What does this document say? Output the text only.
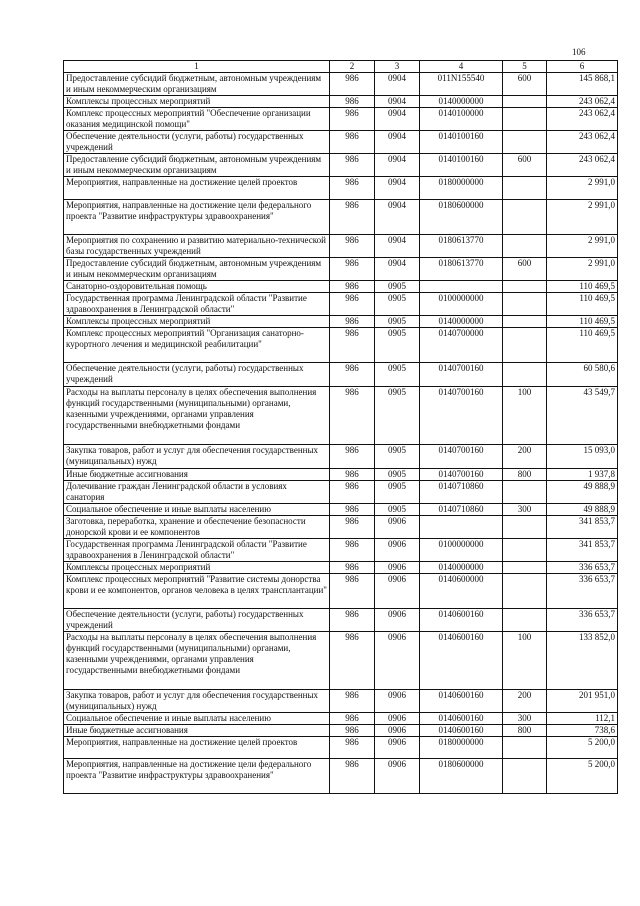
106
1	2	3	4	5	6
Предоставление субсидий бюджетным, автономным учреждениям и иным некоммерческим организациям	986	0904	011N155540	600	145 868,1
Комплексы процессных мероприятий	986	0904	0140000000		243 062,4
Комплекс процессных мероприятий "Обеспечение организации оказания медицинской помощи"	986	0904	0140100000		243 062,4
Обеспечение деятельности (услуги, работы) государственных учреждений	986	0904	0140100160		243 062,4
Предоставление субсидий бюджетным, автономным учреждениям и иным некоммерческим организациям	986	0904	0140100160	600	243 062,4
Мероприятия, направленные на достижение целей проектов	986	0904	0180000000		2 991,0
Мероприятия, направленные на достижение цели федерального проекта "Развитие инфраструктуры здравоохранения"	986	0904	0180600000		2 991,0
Мероприятия по сохранению и развитию материально-технической базы государственных учреждений	986	0904	0180613770		2 991,0
Предоставление субсидий бюджетным, автономным учреждениям и иным некоммерческим организациям	986	0904	0180613770	600	2 991,0
Санаторно-оздоровительная помощь	986	0905			110 469,5
Государственная программа Ленинградской области "Развитие здравоохранения в Ленинградской области"	986	0905	0100000000		110 469,5
Комплексы процессных мероприятий	986	0905	0140000000		110 469,5
Комплекс процессных мероприятий "Организация санаторно-курортного лечения и медицинской реабилитации"	986	0905	0140700000		110 469,5
Обеспечение деятельности (услуги, работы) государственных учреждений	986	0905	0140700160		60 580,6
Расходы на выплаты персоналу в целях обеспечения выполнения функций государственными (муниципальными) органами, казенными учреждениями, органами управления государственными внебюджетными фондами	986	0905	0140700160	100	43 549,7
Закупка товаров, работ и услуг для обеспечения государственных (муниципальных) нужд	986	0905	0140700160	200	15 093,0
Иные бюджетные ассигнования	986	0905	0140700160	800	1 937,8
Долечивание граждан Ленинградской области в условиях санатория	986	0905	0140710860		49 888,9
Социальное обеспечение и иные выплаты населению	986	0905	0140710860	300	49 888,9
Заготовка, переработка, хранение и обеспечение безопасности донорской крови и ее компонентов	986	0906			341 853,7
Государственная программа Ленинградской области "Развитие здравоохранения в Ленинградской области"	986	0906	0100000000		341 853,7
Комплексы процессных мероприятий	986	0906	0140000000		336 653,7
Комплекс процессных мероприятий "Развитие системы донорства крови и ее компонентов, органов человека в целях трансплантации"	986	0906	0140600000		336 653,7
Обеспечение деятельности (услуги, работы) государственных учреждений	986	0906	0140600160		336 653,7
Расходы на выплаты персоналу в целях обеспечения выполнения функций государственными (муниципальными) органами, казенными учреждениями, органами управления государственными внебюджетными фондами	986	0906	0140600160	100	133 852,0
Закупка товаров, работ и услуг для обеспечения государственных (муниципальных) нужд	986	0906	0140600160	200	201 951,0
Социальное обеспечение и иные выплаты населению	986	0906	0140600160	300	112,1
Иные бюджетные ассигнования	986	0906	0140600160	800	738,6
Мероприятия, направленные на достижение целей проектов	986	0906	0180000000		5 200,0
Мероприятия, направленные на достижение цели федерального проекта "Развитие инфраструктуры здравоохранения"	986	0906	0180600000		5 200,0
